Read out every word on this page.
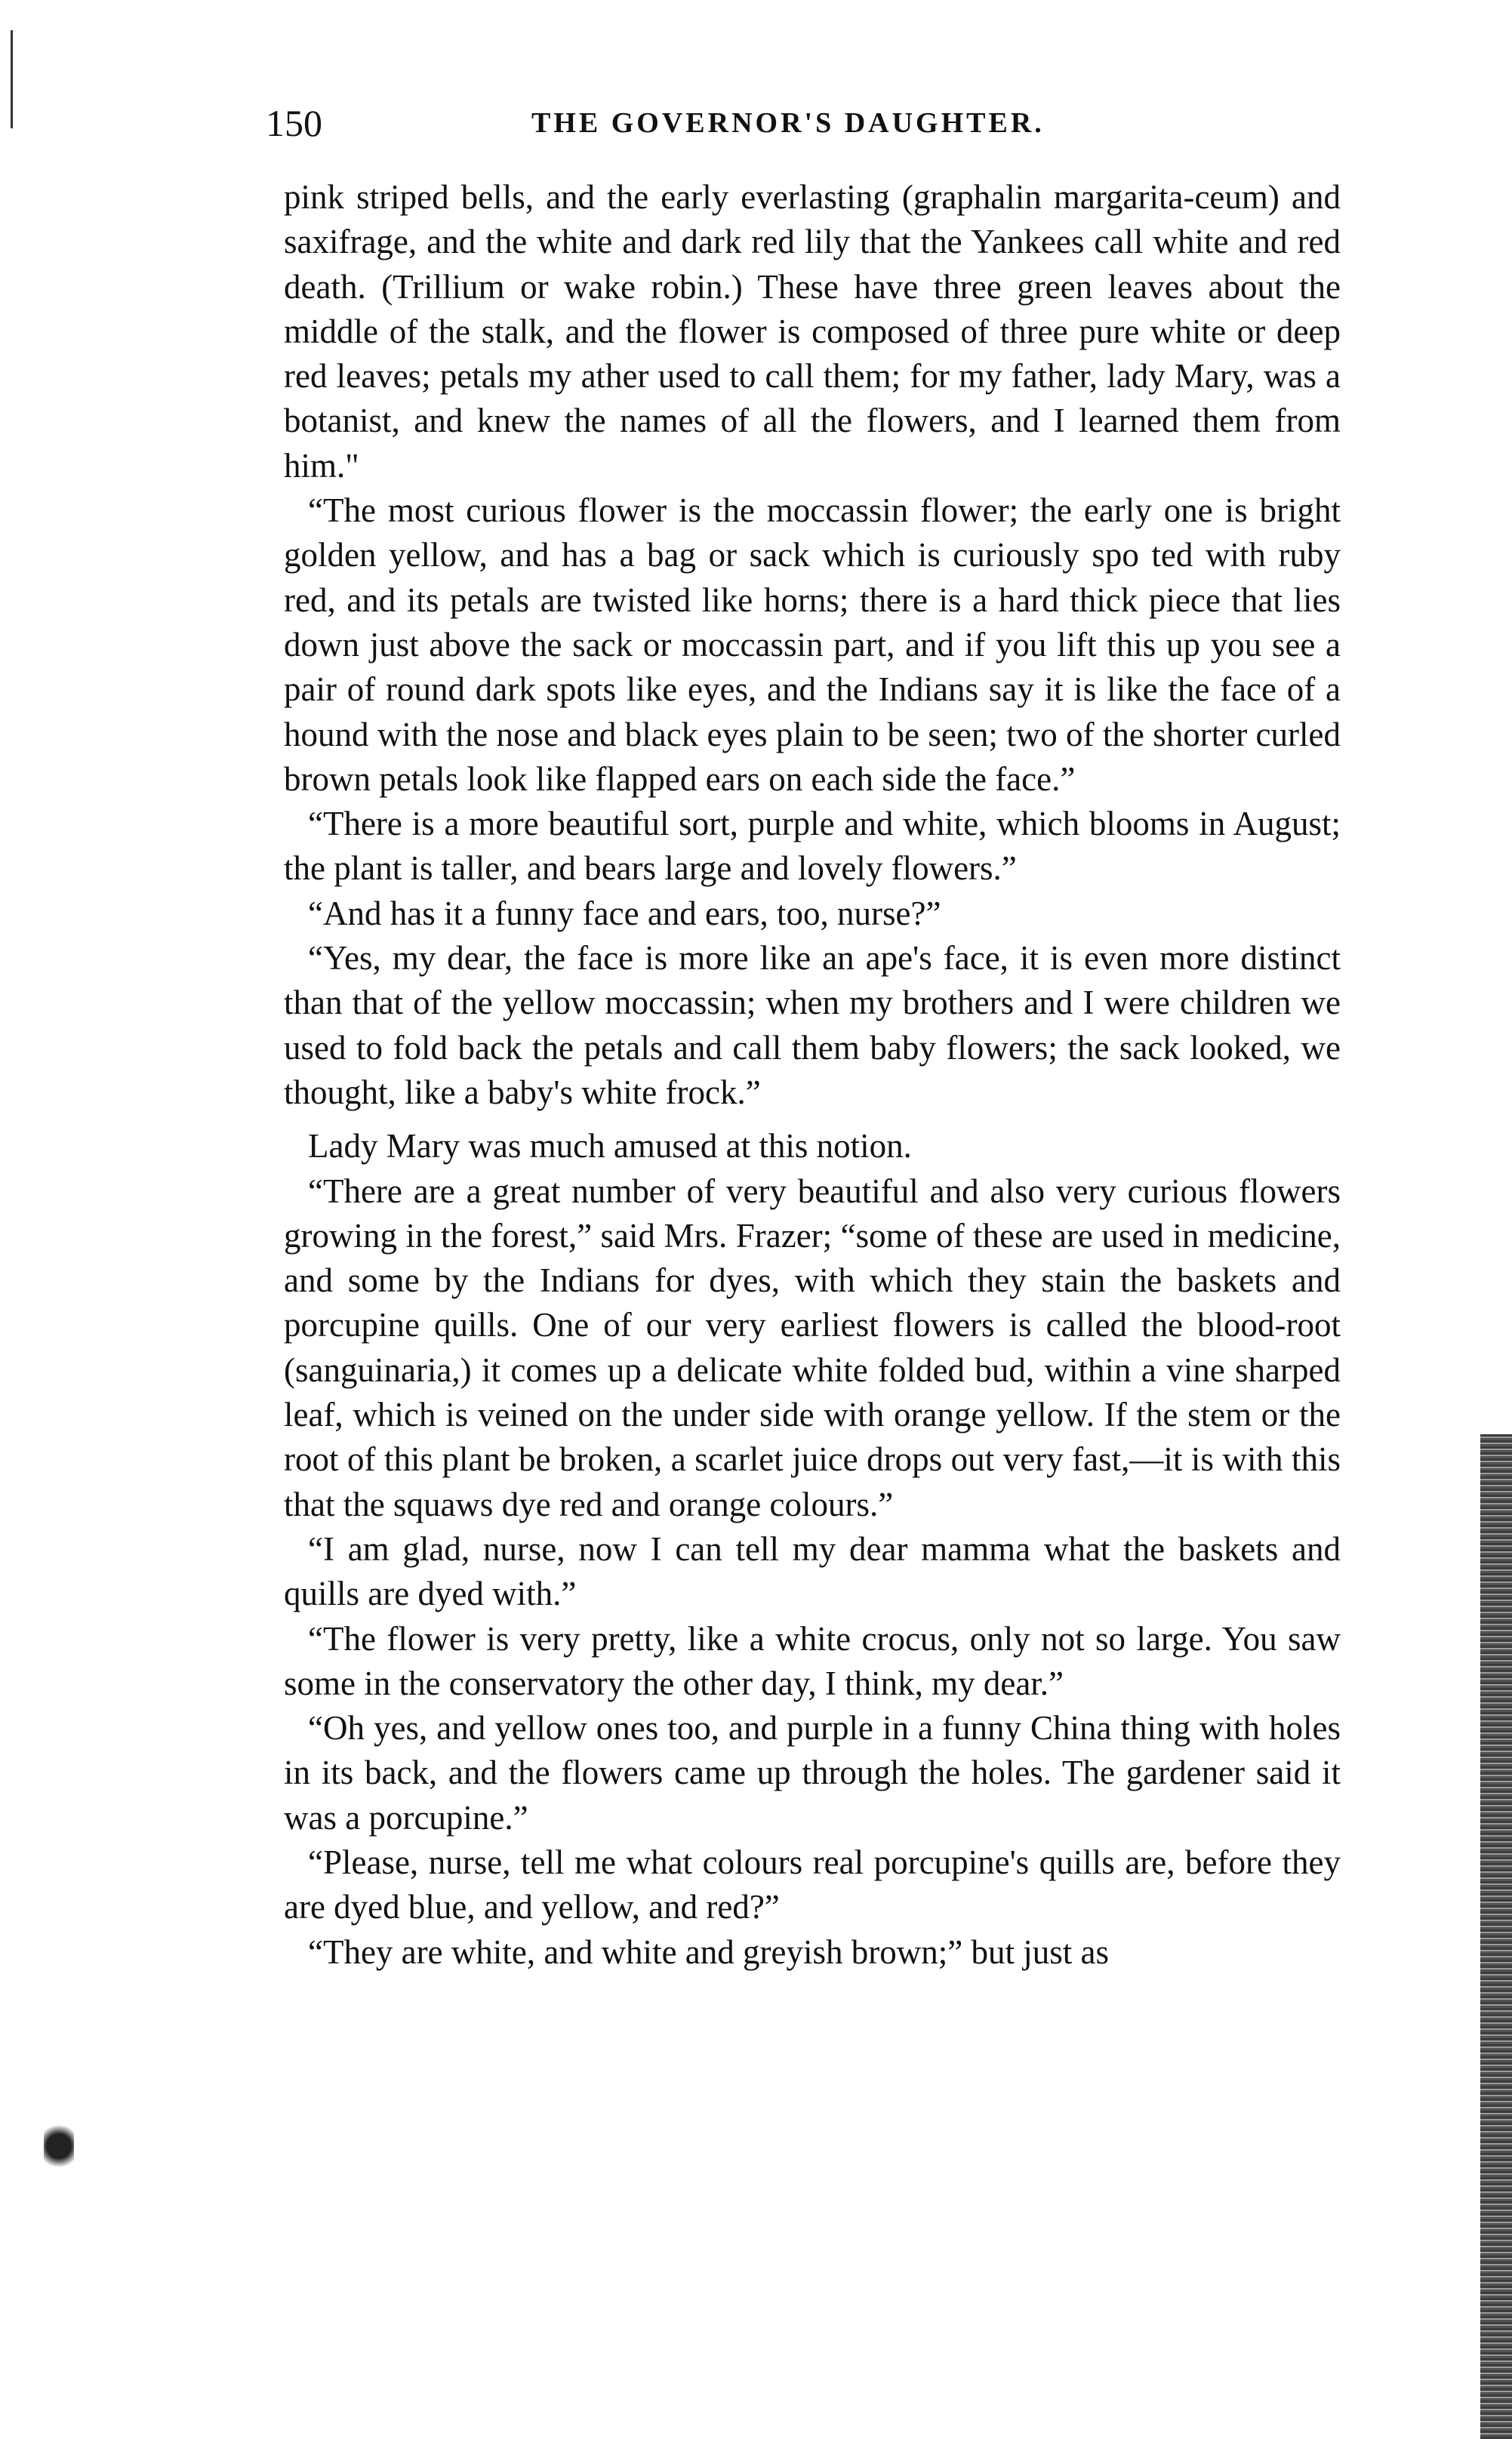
150	THE GOVERNOR'S DAUGHTER.

pink striped bells, and the early everlasting (graphalin margarita-ceum) and saxifrage, and the white and dark red lily that the Yankees call white and red death. (Trillium or wake robin.) These have three green leaves about the middle of the stalk, and the flower is composed of three pure white or deep red leaves; petals my ather used to call them; for my father, lady Mary, was a botanist, and knew the names of all the flowers, and I learned them from him."

“The most curious flower is the moccassin flower; the early one is bright golden yellow, and has a bag or sack which is curiously spo ted with ruby red, and its petals are twisted like horns; there is a hard thick piece that lies down just above the sack or moccassin part, and if you lift this up you see a pair of round dark spots like eyes, and the Indians say it is like the face of a hound with the nose and black eyes plain to be seen; two of the shorter curled brown petals look like flapped ears on each side the face.”

“There is a more beautiful sort, purple and white, which blooms in August; the plant is taller, and bears large and lovely flowers.”

“And has it a funny face and ears, too, nurse?”

“Yes, my dear, the face is more like an ape's face, it is even more distinct than that of the yellow moccassin; when my brothers and I were children we used to fold back the petals and call them baby flowers; the sack looked, we thought, like a baby's white frock.”

Lady Mary was much amused at this notion.

“There are a great number of very beautiful and also very curious flowers growing in the forest,” said Mrs. Frazer; “some of these are used in medicine, and some by the Indians for dyes, with which they stain the baskets and porcupine quills. One of our very earliest flowers is called the blood-root (sanguinaria,) it comes up a delicate white folded bud, within a vine sharped leaf, which is veined on the under side with orange yellow. If the stem or the root of this plant be broken, a scarlet juice drops out very fast,—it is with this that the squaws dye red and orange colours.”

“I am glad, nurse, now I can tell my dear mamma what the baskets and quills are dyed with.”

“The flower is very pretty, like a white crocus, only not so large. You saw some in the conservatory the other day, I think, my dear.”

“Oh yes, and yellow ones too, and purple in a funny China thing with holes in its back, and the flowers came up through the holes. The gardener said it was a porcupine.”

“Please, nurse, tell me what colours real porcupine's quills are, before they are dyed blue, and yellow, and red?”

“They are white, and white and greyish brown;” but just as
